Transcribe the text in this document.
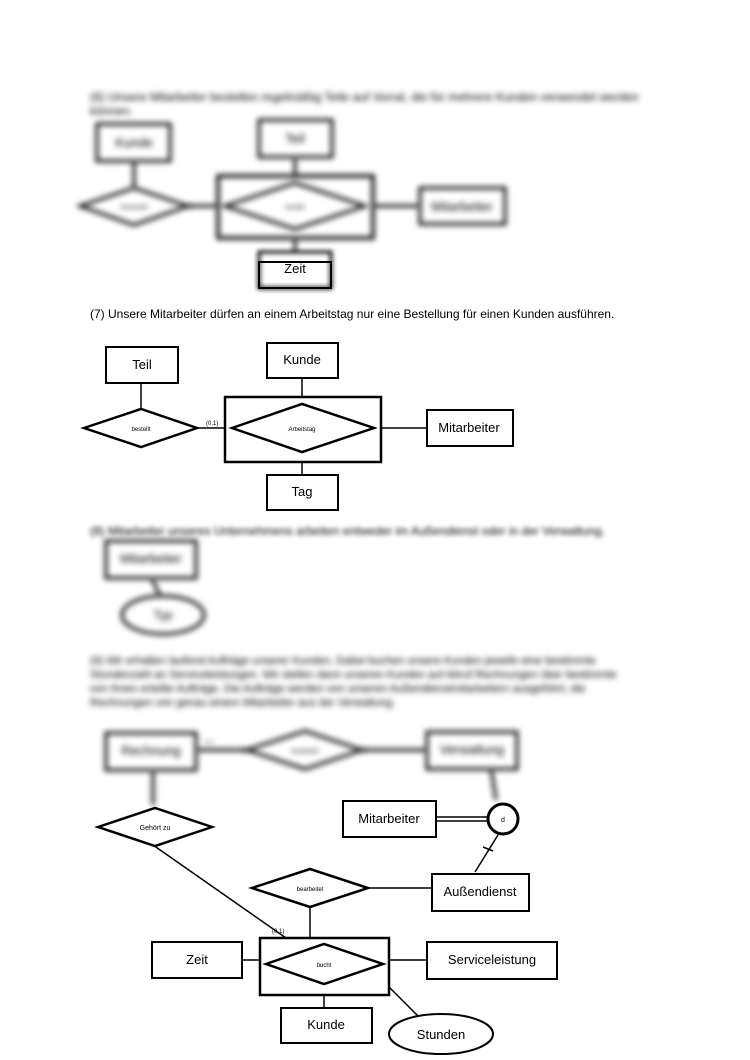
(6) Unsere Mitarbeiter bestellen regelmäßig Teile auf Vorrat, die für mehrere Kunden verwendet werden können.
(7) Unsere Mitarbeiter dürfen an einem Arbeitstag nur eine Bestellung für einen Kunden ausführen.
(8) Mitarbeiter unseres Unternehmens arbeiten entweder im Außendienst oder in der Verwaltung.
(9) Wir erhalten laufend Aufträge unserer Kunden. Dabei buchen unsere Kunden jeweils eine bestimmte Stundenzahl an Serviceleistungen. Wir stellen dann unseren Kunden auf Abruf Rechnungen über bestimmte von ihnen erteilte Aufträge. Die Aufträge werden von unseren Außendienstmitarbeitern ausgeführt, die Rechnungen von genau einem Mitarbeiter aus der Verwaltung.
Kunde	Teil
verwendet	bestellt	Mitarbeiter
Zeit
Teil
bestellt
(0,1)
Kunde
Arbeitstag	Mitarbeiter
Tag
Mitarbeiter
Typ
Rechnung	0,1
bearbeitet	Verwaltung
Gehört zu
Mitarbeiter	d
bearbeitet	Außendienst
(0,1)
Zeit	bucht	Serviceleistung
Kunde
Stunden
